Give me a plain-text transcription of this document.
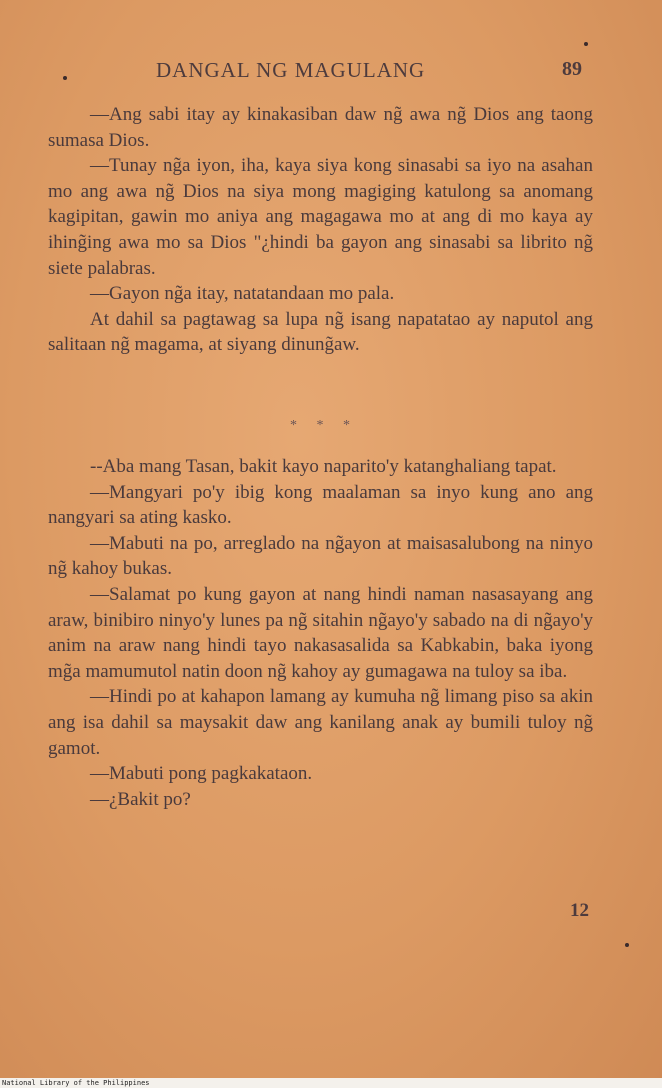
DANGAL NG MAGULANG	89

—Ang sabi itay ay kinakasiban daw ng̃ awa ng̃ Dios ang taong sumasa Dios.

—Tunay ng̃a iyon, iha, kaya siya kong sinasabi sa iyo na asahan mo ang awa ng̃ Dios na siya mong magiging katulong sa anomang kagipitan, gawin mo aniya ang magagawa mo at ang di mo kaya ay ihing̃ing awa mo sa Dios "¿hindi ba gayon ang sinasabi sa librito ng̃ siete palabras.

—Gayon ng̃a itay, natatandaan mo pala.

At dahil sa pagtawag sa lupa ng̃ isang napatatao ay naputol ang salitaan ng̃ magama, at siyang dinung̃aw.

* * *

--Aba mang Tasan, bakit kayo naparito'y katanghaliang tapat.

—Mangyari po'y ibig kong maalaman sa inyo kung ano ang nangyari sa ating kasko.

—Mabuti na po, arreglado na ng̃ayon at maisasalubong na ninyo ng̃ kahoy bukas.

—Salamat po kung gayon at nang hindi naman nasasayang ang araw, binibiro ninyo'y lunes pa ng̃ sitahin ng̃ayo'y sabado na di ng̃ayo'y anim na araw nang hindi tayo nakasasalida sa Kabkabin, baka iyong mg̃a mamumutol natin doon ng̃ kahoy ay gumagawa na tuloy sa iba.

—Hindi po at kahapon lamang ay kumuha ng̃ limang piso sa akin ang isa dahil sa maysakit daw ang kanilang anak ay bumili tuloy ng̃ gamot.

—Mabuti pong pagkakataon.

—¿Bakit po?

12
National Library of the Philippines
